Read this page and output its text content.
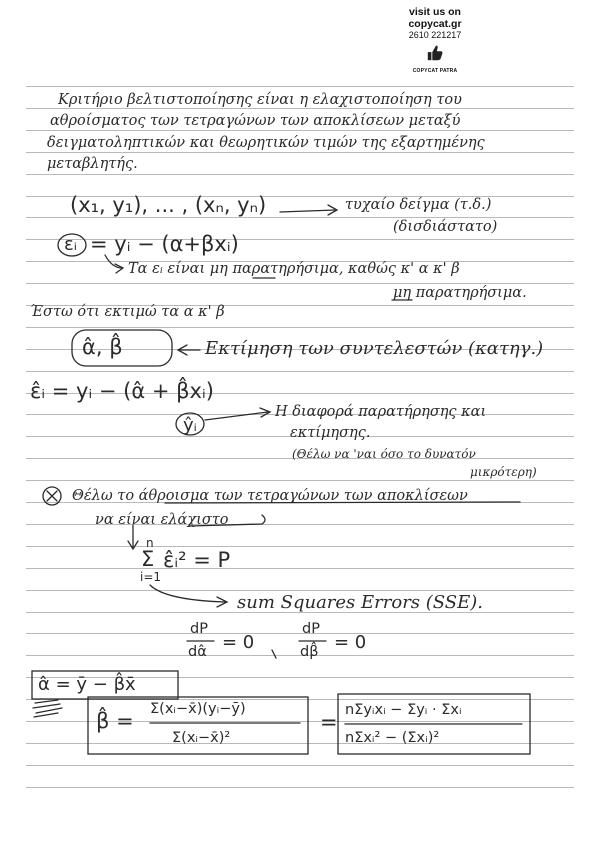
visit us on
copycat.gr
2610 221217
COPYCAT PATRA
Κριτήριο βελτιστοποίησης είναι η ελαχιστοποίηση του
αθροίσματος των τετραγώνων των αποκλίσεων μεταξύ
δειγματοληπτικών και θεωρητικών τιμών της εξαρτημένης
μεταβλητής.
(x₁, y₁), ... , (xₙ, yₙ)	τυχαίο δείγμα (τ.δ.)
(δισδιάστατο)
εᵢ = yᵢ − (α+βxᵢ)
Τα εᵢ είναι μη παρατηρήσιμα, καθώς κ' α κ' β
μη παρατηρήσιμα.
Έστω ότι εκτιμώ τα α κ' β
α̂, β̂	Εκτίμηση των συντελεστών (κατηγ.)
ε̂ᵢ = yᵢ − (α̂ + β̂xᵢ)
ŷᵢ
Η διαφορά παρατήρησης και
εκτίμησης.
(Θέλω να 'ναι όσο το δυνατόν
μικρότερη)
Θέλω το άθροισμα των τετραγώνων των αποκλίσεων
να είναι ελάχιστο
n
Σ
i=1
ε̂ᵢ² = P
sum Squares Errors (SSE).
dP
dα̂ = 0
dP
dβ̂ = 0
α̂ = ȳ − β̂x̄
β̂ = Σ(xᵢ−x̄)(yᵢ−ȳ)
Σ(xᵢ−x̄)²
= nΣyᵢxᵢ − Σyᵢ · Σxᵢ
nΣxᵢ² − (Σxᵢ)²
